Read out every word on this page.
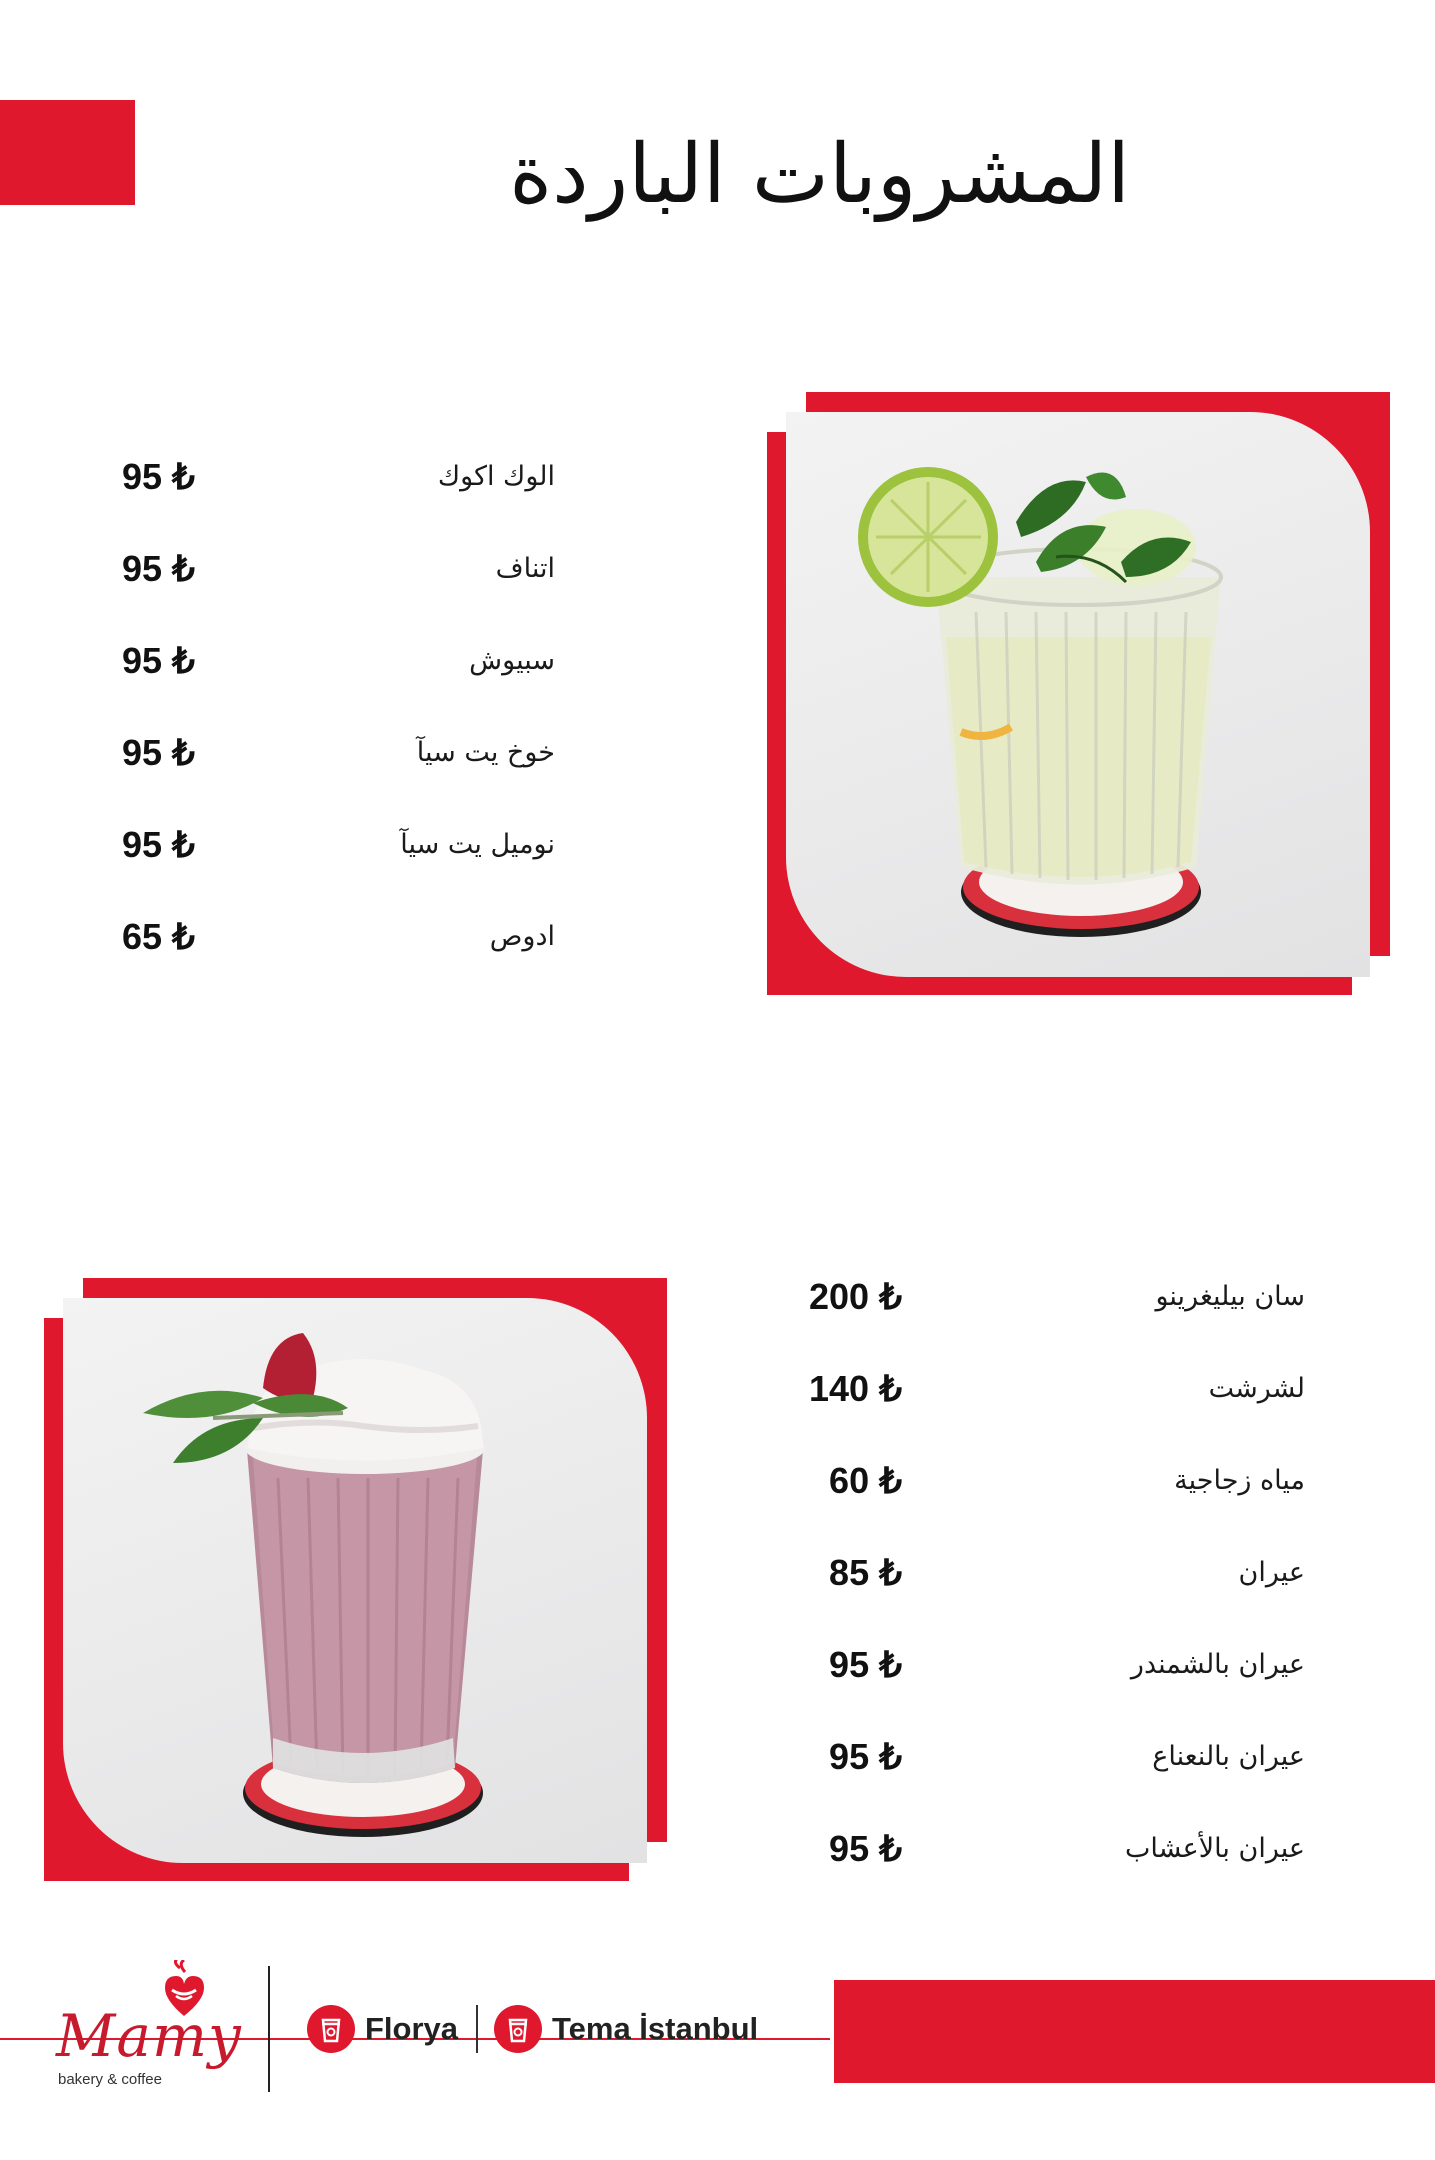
المشروبات الباردة
95 ₺	الوك اكوك
95 ₺	اتناف
95 ₺	سبيوش
95 ₺	خوخ يت سيآ
95 ₺	نوميل يت سيآ
65 ₺	ادوص
200 ₺	سان بيليغرينو
140 ₺	لشرشت
60 ₺	مياه زجاجية
85 ₺	عيران
95 ₺	عيران بالشمندر
95 ₺	عيران بالنعناع
95 ₺	عيران بالأعشاب
Mamy
bakery & coffee
Florya	Tema İstanbul
